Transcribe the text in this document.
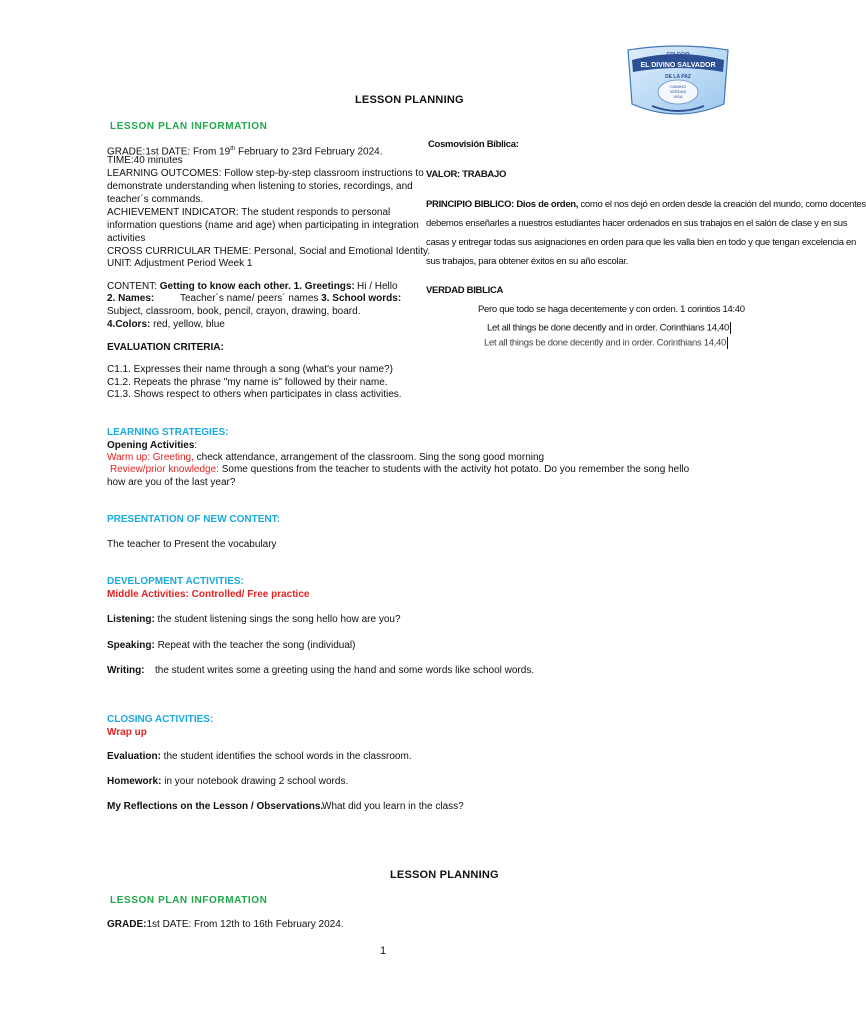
COLEGIO
EL DIVINO SALVADOR
DE LA PAZ
CAMINO
VERDAD
VIDA
LESSON PLANNING
LESSON PLAN INFORMATION
GRADE:1st DATE: From 19th February to 23rd February 2024.
TIME:40 minutes
LEARNING OUTCOMES: Follow step-by-step classroom instructions to
demonstrate understanding when listening to stories, recordings, and
teacher´s commands.
ACHIEVEMENT INDICATOR: The student responds to personal
information questions (name and age) when participating in integration
activities
CROSS CURRICULAR THEME: Personal, Social and Emotional Identity.
UNIT: Adjustment Period Week 1
CONTENT: Getting to know each other. 1. Greetings: Hi / Hello
2. Names:	Teacher´s name/ peers´ names 3. School words:
Subject, classroom, book, pencil, crayon, drawing, board.
4.Colors: red, yellow, blue
EVALUATION CRITERIA:
C1.1. Expresses their name through a song (what's your name?)
C1.2. Repeats the phrase "my name is" followed by their name.
C1.3. Shows respect to others when participates in class activities.
Cosmovisión Bíblica:
VALOR: TRABAJO
PRINCIPIO BIBLICO: Dios de orden, como el nos dejó en orden desde la creación del mundo, como docentes
debemos enseñarles a nuestros estudiantes hacer ordenados en sus trabajos en el salón de clase y en sus
casas y entregar todas sus asignaciones en orden para que les valla bien en todo y que tengan excelencia en
sus trabajos, para obtener éxitos en su año escolar.
VERDAD BIBLICA
Pero que todo se haga decentemente y con orden. 1 corintios 14:40
Let all things be done decently and in order. Corinthians 14,40
Let all things be done decently and in order. Corinthians 14,40
LEARNING STRATEGIES:
Opening Activities:
Warm up: Greeting, check attendance, arrangement of the classroom. Sing the song good morning
Review/prior knowledge: Some questions from the teacher to students with the activity hot potato. Do you remember the song hello
how are you of the last year?
PRESENTATION OF NEW CONTENT:
The teacher to Present the vocabulary
DEVELOPMENT ACTIVITIES:
Middle Activities: Controlled/ Free practice
Listening: the student listening sings the song hello how are you?
Speaking: Repeat with the teacher the song (individual)
Writing: the student writes some a greeting using the hand and some words like school words.
CLOSING ACTIVITIES:
Wrap up
Evaluation: the student identifies the school words in the classroom.
Homework: in your notebook drawing 2 school words.
My Reflections on the Lesson / Observations.
What did you learn in the class?
LESSON PLANNING
LESSON PLAN INFORMATION
GRADE:1st DATE: From 12th to 16th February 2024.
1
